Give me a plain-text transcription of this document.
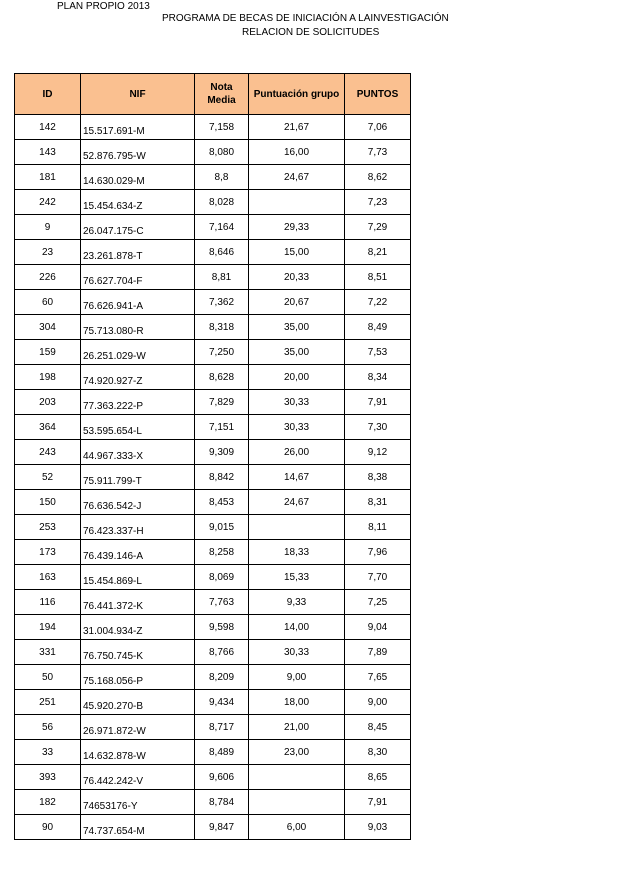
PLAN PROPIO 2013
PROGRAMA DE BECAS DE INICIACIÓN A LAINVESTIGACIÓN
RELACION DE SOLICITUDES
ID	NIF	Nota Media	Puntuación grupo	PUNTOS
142	15.517.691-M	7,158	21,67	7,06
143	52.876.795-W	8,080	16,00	7,73
181	14.630.029-M	8,8	24,67	8,62
242	15.454.634-Z	8,028		7,23
9	26.047.175-C	7,164	29,33	7,29
23	23.261.878-T	8,646	15,00	8,21
226	76.627.704-F	8,81	20,33	8,51
60	76.626.941-A	7,362	20,67	7,22
304	75.713.080-R	8,318	35,00	8,49
159	26.251.029-W	7,250	35,00	7,53
198	74.920.927-Z	8,628	20,00	8,34
203	77.363.222-P	7,829	30,33	7,91
364	53.595.654-L	7,151	30,33	7,30
243	44.967.333-X	9,309	26,00	9,12
52	75.911.799-T	8,842	14,67	8,38
150	76.636.542-J	8,453	24,67	8,31
253	76.423.337-H	9,015		8,11
173	76.439.146-A	8,258	18,33	7,96
163	15.454.869-L	8,069	15,33	7,70
116	76.441.372-K	7,763	9,33	7,25
194	31.004.934-Z	9,598	14,00	9,04
331	76.750.745-K	8,766	30,33	7,89
50	75.168.056-P	8,209	9,00	7,65
251	45.920.270-B	9,434	18,00	9,00
56	26.971.872-W	8,717	21,00	8,45
33	14.632.878-W	8,489	23,00	8,30
393	76.442.242-V	9,606		8,65
182	74653176-Y	8,784		7,91
90	74.737.654-M	9,847	6,00	9,03
